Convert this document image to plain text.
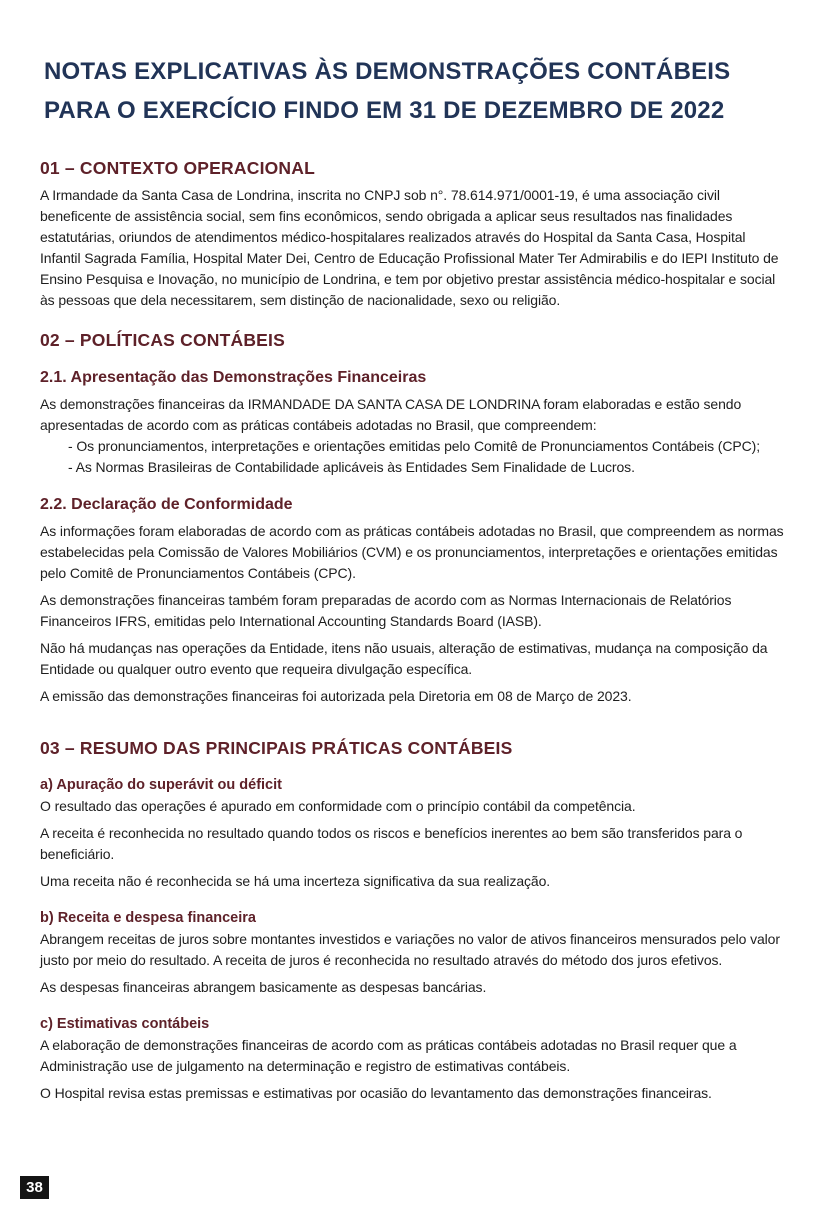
NOTAS EXPLICATIVAS ÀS DEMONSTRAÇÕES CONTÁBEIS
PARA O EXERCÍCIO FINDO EM 31 DE DEZEMBRO DE 2022
01 – CONTEXTO OPERACIONAL

A Irmandade da Santa Casa de Londrina, inscrita no CNPJ sob n°. 78.614.971/0001-19, é uma associação civil beneficente de assistência social, sem fins econômicos, sendo obrigada a aplicar seus resultados nas finalidades estatutárias, oriundos de atendimentos médico-hospitalares realizados através do Hospital da Santa Casa, Hospital Infantil Sagrada Família, Hospital Mater Dei, Centro de Educação Profissional Mater Ter Admirabilis e do IEPI Instituto de Ensino Pesquisa e Inovação, no município de Londrina, e tem por objetivo prestar assistência médico-hospitalar e social às pessoas que dela necessitarem, sem distinção de nacionalidade, sexo ou religião.

02 – POLÍTICAS CONTÁBEIS
2.1. Apresentação das Demonstrações Financeiras

As demonstrações financeiras da IRMANDADE DA SANTA CASA DE LONDRINA foram elaboradas e estão sendo apresentadas de acordo com as práticas contábeis adotadas no Brasil, que compreendem:

- Os pronunciamentos, interpretações e orientações emitidas pelo Comitê de Pronunciamentos Contábeis (CPC);

- As Normas Brasileiras de Contabilidade aplicáveis às Entidades Sem Finalidade de Lucros.

2.2. Declaração de Conformidade

As informações foram elaboradas de acordo com as práticas contábeis adotadas no Brasil, que compreendem as normas estabelecidas pela Comissão de Valores Mobiliários (CVM) e os pronunciamentos, interpretações e orientações emitidas pelo Comitê de Pronunciamentos Contábeis (CPC).

As demonstrações financeiras também foram preparadas de acordo com as Normas Internacionais de Relatórios Financeiros IFRS, emitidas pelo International Accounting Standards Board (IASB).

Não há mudanças nas operações da Entidade, itens não usuais, alteração de estimativas, mudança na composição da Entidade ou qualquer outro evento que requeira divulgação específica.

A emissão das demonstrações financeiras foi autorizada pela Diretoria em 08 de Março de 2023.

03 – RESUMO DAS PRINCIPAIS PRÁTICAS CONTÁBEIS
a) Apuração do superávit ou déficit

O resultado das operações é apurado em conformidade com o princípio contábil da competência.

A receita é reconhecida no resultado quando todos os riscos e benefícios inerentes ao bem são transferidos para o beneficiário.

Uma receita não é reconhecida se há uma incerteza significativa da sua realização.

b) Receita e despesa financeira

Abrangem receitas de juros sobre montantes investidos e variações no valor de ativos financeiros mensurados pelo valor justo por meio do resultado. A receita de juros é reconhecida no resultado através do método dos juros efetivos.

As despesas financeiras abrangem basicamente as despesas bancárias.

c) Estimativas contábeis

A elaboração de demonstrações financeiras de acordo com as práticas contábeis adotadas no Brasil requer que a Administração use de julgamento na determinação e registro de estimativas contábeis.

O Hospital revisa estas premissas e estimativas por ocasião do levantamento das demonstrações financeiras.

38
